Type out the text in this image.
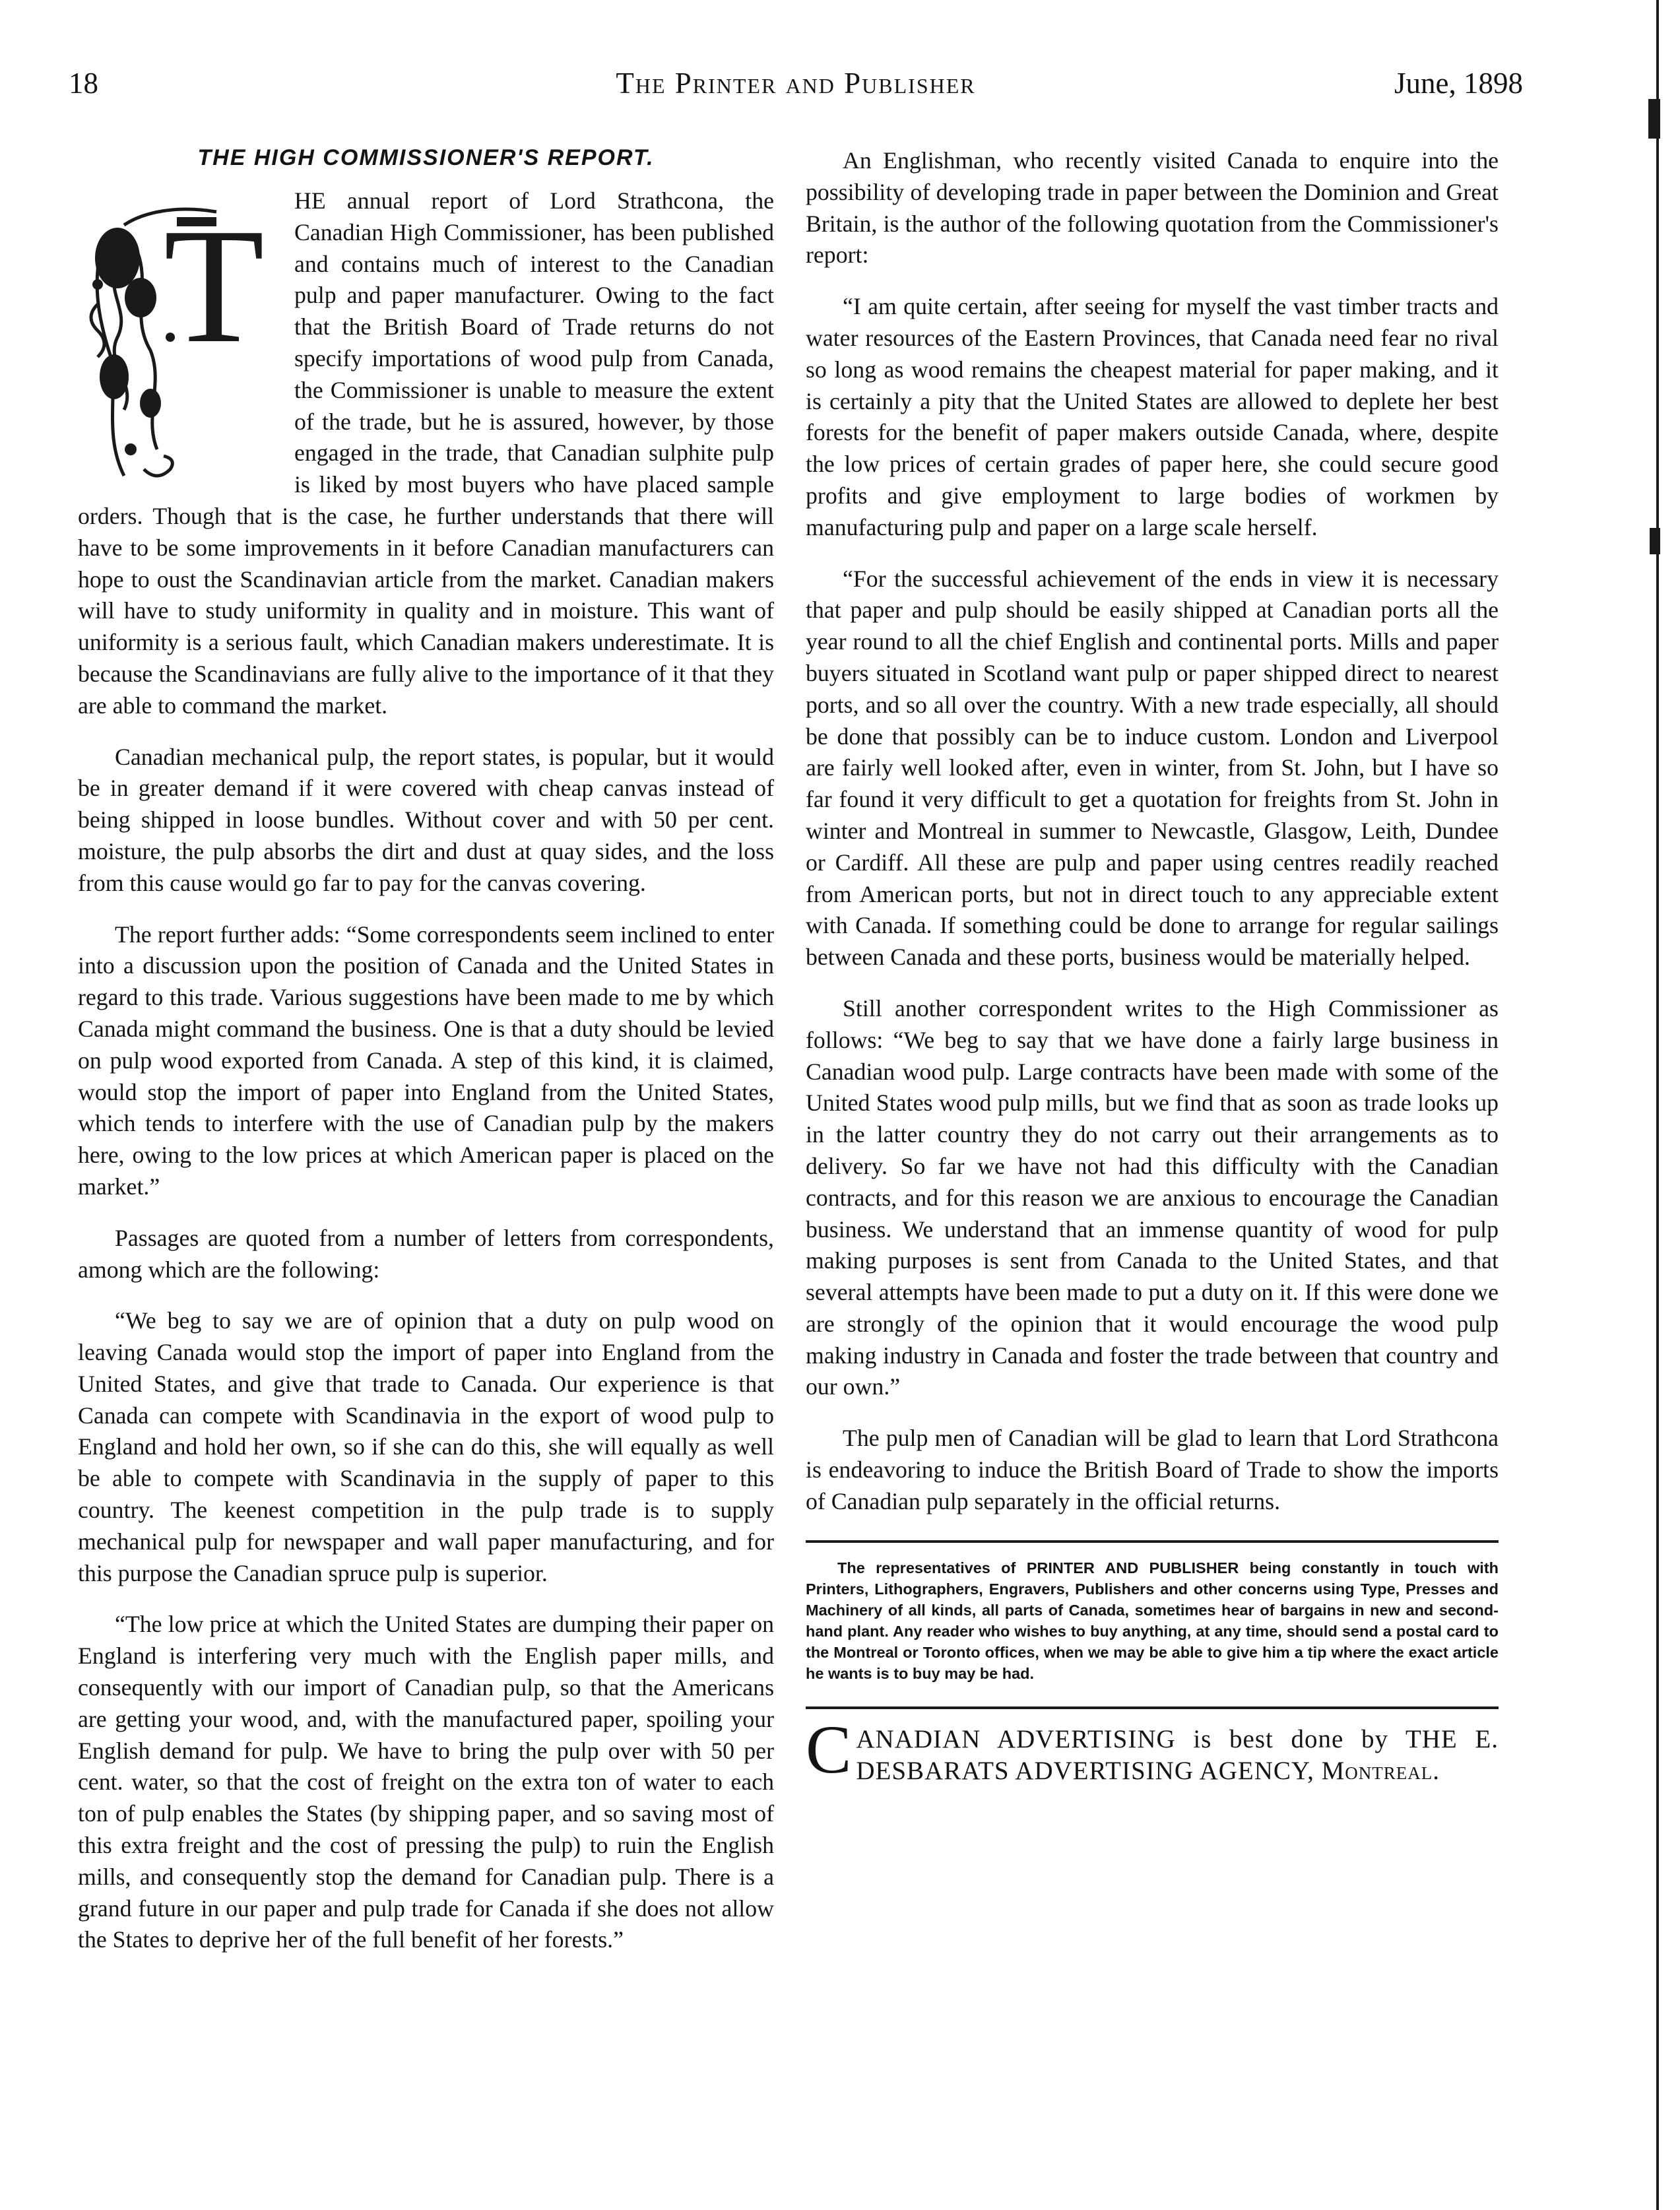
18	The Printer and Publisher	June, 1898
THE HIGH COMMISSIONER'S REPORT.
T	HE annual report of Lord Strathcona, the Canadian High Commissioner, has been published and contains much of interest to the Canadian pulp and paper manufacturer. Owing to the fact that the British Board of Trade returns do not specify importations of wood pulp from Canada, the Commissioner is unable to measure the extent of the trade, but he is assured, however, by those engaged in the trade, that Canadian sulphite pulp is liked by most buyers who have placed sample orders. Though that is the case, he further understands that there will have to be some improvements in it before Canadian manufacturers can hope to oust the Scandinavian article from the market. Canadian makers will have to study uniformity in quality and in moisture. This want of uniformity is a serious fault, which Canadian makers underestimate. It is because the Scandinavians are fully alive to the importance of it that they are able to command the market.

Canadian mechanical pulp, the report states, is popular, but it would be in greater demand if it were covered with cheap canvas instead of being shipped in loose bundles. Without cover and with 50 per cent. moisture, the pulp absorbs the dirt and dust at quay sides, and the loss from this cause would go far to pay for the canvas covering.

The report further adds: “Some correspondents seem inclined to enter into a discussion upon the position of Canada and the United States in regard to this trade. Various suggestions have been made to me by which Canada might command the business. One is that a duty should be levied on pulp wood exported from Canada. A step of this kind, it is claimed, would stop the import of paper into England from the United States, which tends to interfere with the use of Canadian pulp by the makers here, owing to the low prices at which American paper is placed on the market.”

Passages are quoted from a number of letters from correspondents, among which are the following:

“We beg to say we are of opinion that a duty on pulp wood on leaving Canada would stop the import of paper into England from the United States, and give that trade to Canada. Our experience is that Canada can compete with Scandinavia in the export of wood pulp to England and hold her own, so if she can do this, she will equally as well be able to compete with Scandinavia in the supply of paper to this country. The keenest competition in the pulp trade is to supply mechanical pulp for newspaper and wall paper manufacturing, and for this purpose the Canadian spruce pulp is superior.

“The low price at which the United States are dumping their paper on England is interfering very much with the English paper mills, and consequently with our import of Canadian pulp, so that the Americans are getting your wood, and, with the manufactured paper, spoiling your English demand for pulp. We have to bring the pulp over with 50 per cent. water, so that the cost of freight on the extra ton of water to each ton of pulp enables the States (by shipping paper, and so saving most of this extra freight and the cost of pressing the pulp) to ruin the English mills, and consequently stop the demand for Canadian pulp. There is a grand future in our paper and pulp trade for Canada if she does not allow the States to deprive her of the full benefit of her forests.”

An Englishman, who recently visited Canada to enquire into the possibility of developing trade in paper between the Dominion and Great Britain, is the author of the following quotation from the Commissioner's report:

“I am quite certain, after seeing for myself the vast timber tracts and water resources of the Eastern Provinces, that Canada need fear no rival so long as wood remains the cheapest material for paper making, and it is certainly a pity that the United States are allowed to deplete her best forests for the benefit of paper makers outside Canada, where, despite the low prices of certain grades of paper here, she could secure good profits and give employment to large bodies of workmen by manufacturing pulp and paper on a large scale herself.

“For the successful achievement of the ends in view it is necessary that paper and pulp should be easily shipped at Canadian ports all the year round to all the chief English and continental ports. Mills and paper buyers situated in Scotland want pulp or paper shipped direct to nearest ports, and so all over the country. With a new trade especially, all should be done that possibly can be to induce custom. London and Liverpool are fairly well looked after, even in winter, from St. John, but I have so far found it very difficult to get a quotation for freights from St. John in winter and Montreal in summer to Newcastle, Glasgow, Leith, Dundee or Cardiff. All these are pulp and paper using centres readily reached from American ports, but not in direct touch to any appreciable extent with Canada. If something could be done to arrange for regular sailings between Canada and these ports, business would be materially helped.

Still another correspondent writes to the High Commissioner as follows: “We beg to say that we have done a fairly large business in Canadian wood pulp. Large contracts have been made with some of the United States wood pulp mills, but we find that as soon as trade looks up in the latter country they do not carry out their arrangements as to delivery. So far we have not had this difficulty with the Canadian contracts, and for this reason we are anxious to encourage the Canadian business. We understand that an immense quantity of wood for pulp making purposes is sent from Canada to the United States, and that several attempts have been made to put a duty on it. If this were done we are strongly of the opinion that it would encourage the wood pulp making industry in Canada and foster the trade between that country and our own.”

The pulp men of Canadian will be glad to learn that Lord Strathcona is endeavoring to induce the British Board of Trade to show the imports of Canadian pulp separately in the official returns.

The representatives of PRINTER AND PUBLISHER being constantly in touch with Printers, Lithographers, Engravers, Publishers and other concerns using Type, Presses and Machinery of all kinds, all parts of Canada, sometimes hear of bargains in new and second-hand plant. Any reader who wishes to buy anything, at any time, should send a postal card to the Montreal or Toronto offices, when we may be able to give him a tip where the exact article he wants is to buy may be had.
C ANADIAN ADVERTISING is best done by THE E. DESBARATS ADVERTISING AGENCY, Montreal.
